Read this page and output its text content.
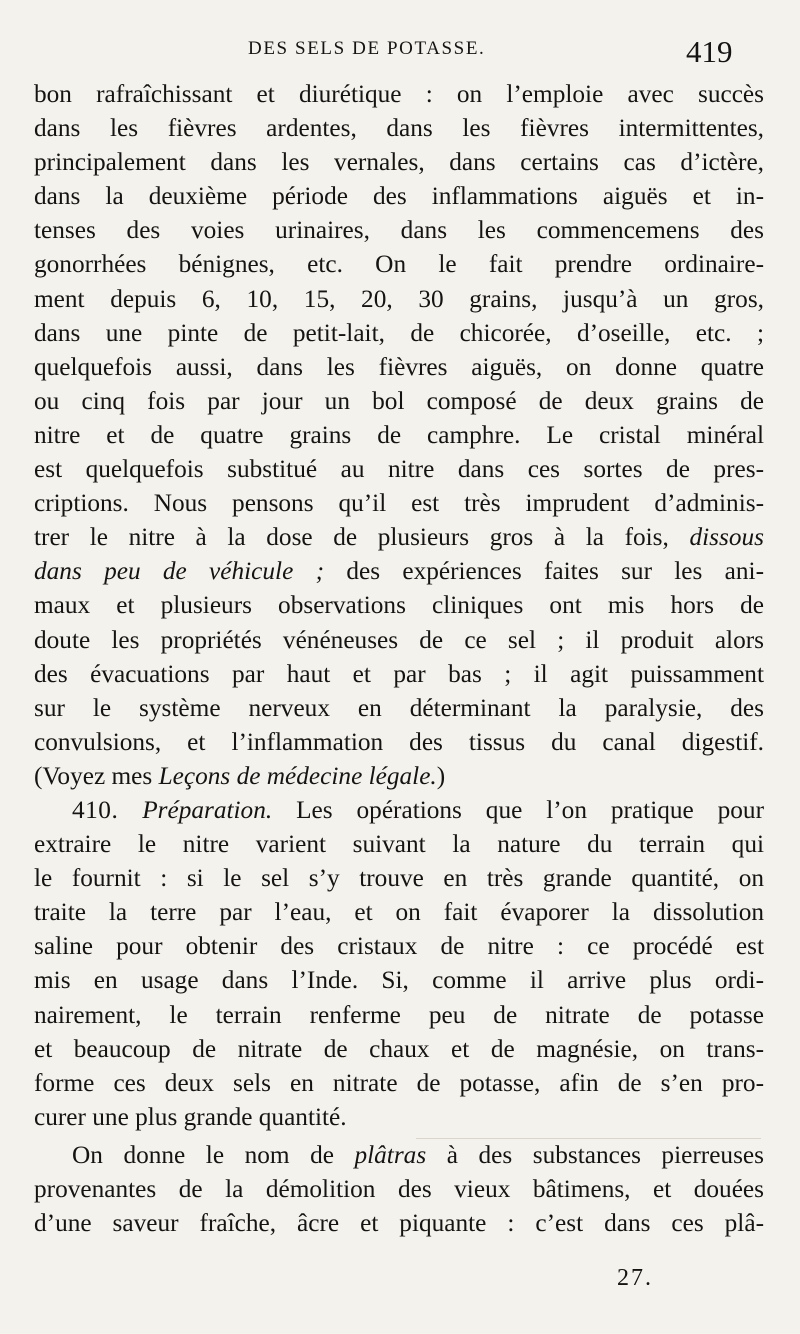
DES SELS DE POTASSE.	419
bon rafraîchissant et diurétique : on l’emploie avec succès
dans les fièvres ardentes, dans les fièvres intermittentes,
principalement dans les vernales, dans certains cas d’ictère,
dans la deuxième période des inflammations aiguës et in-
tenses des voies urinaires, dans les commencemens des
gonorrhées bénignes, etc. On le fait prendre ordinaire-
ment depuis 6, 10, 15, 20, 30 grains, jusqu’à un gros,
dans une pinte de petit-lait, de chicorée, d’oseille, etc. ;
quelquefois aussi, dans les fièvres aiguës, on donne quatre
ou cinq fois par jour un bol composé de deux grains de
nitre et de quatre grains de camphre. Le cristal minéral
est quelquefois substitué au nitre dans ces sortes de pres-
criptions. Nous pensons qu’il est très imprudent d’adminis-
trer le nitre à la dose de plusieurs gros à la fois, dissous
dans peu de véhicule ; des expériences faites sur les ani-
maux et plusieurs observations cliniques ont mis hors de
doute les propriétés vénéneuses de ce sel ; il produit alors
des évacuations par haut et par bas ; il agit puissamment
sur le système nerveux en déterminant la paralysie, des
convulsions, et l’inflammation des tissus du canal digestif.
(Voyez mes Leçons de médecine légale.)
410. Préparation. Les opérations que l’on pratique pour
extraire le nitre varient suivant la nature du terrain qui
le fournit : si le sel s’y trouve en très grande quantité, on
traite la terre par l’eau, et on fait évaporer la dissolution
saline pour obtenir des cristaux de nitre : ce procédé est
mis en usage dans l’Inde. Si, comme il arrive plus ordi-
nairement, le terrain renferme peu de nitrate de potasse
et beaucoup de nitrate de chaux et de magnésie, on trans-
forme ces deux sels en nitrate de potasse, afin de s’en pro-
curer une plus grande quantité.
On donne le nom de plâtras à des substances pierreuses
provenantes de la démolition des vieux bâtimens, et douées
d’une saveur fraîche, âcre et piquante : c’est dans ces plâ-
27.
